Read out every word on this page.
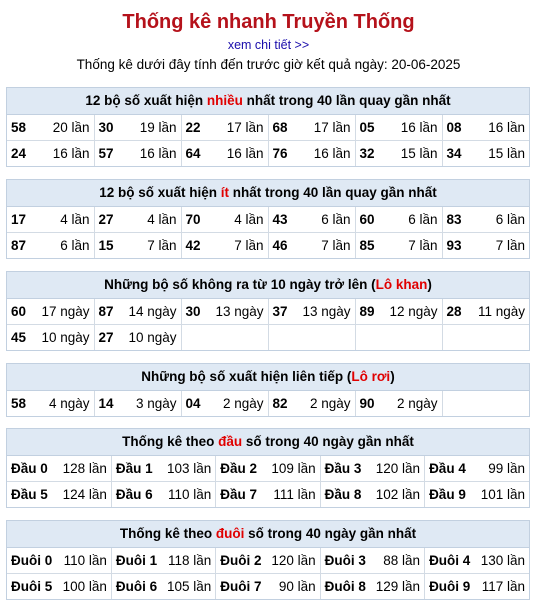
Thống kê nhanh Truyền Thống
xem chi tiết >>
Thống kê dưới đây tính đến trước giờ kết quả ngày: 20-06-2025
12 bộ số xuất hiện nhiều nhất trong 40 lần quay gần nhất
58 20 lần	30 19 lần	22 17 lần	68 17 lần	05 16 lần	08 16 lần

24 16 lần	57 16 lần	64 16 lần	76 16 lần	32 15 lần	34 15 lần
12 bộ số xuất hiện ít nhất trong 40 lần quay gần nhất
17 4 lần	27 4 lần	70 4 lần	43 6 lần	60 6 lần	83 6 lần

87 6 lần	15 7 lần	42 7 lần	46 7 lần	85 7 lần	93 7 lần
Những bộ số không ra từ 10 ngày trở lên (Lô khan)
60 17 ngày	87 14 ngày	30 13 ngày	37 13 ngày	89 12 ngày	28 11 ngày

45 10 ngày	27 10 ngày				

Những bộ số xuất hiện liên tiếp (Lô rơi)
58	4 ngày	14	3 ngày	04	2 ngày	82	2 ngày	90	2 ngày

Thống kê theo đầu số trong 40 ngày gần nhất
Đầu 0 128 lần	Đầu 1 103 lần	Đầu 2 109 lần	Đầu 3 120 lần	Đầu 4 99 lần

Đầu 5 124 lần	Đầu 6 110 lần	Đầu 7 111 lần	Đầu 8 102 lần	Đầu 9 101 lần
Thống kê theo đuôi số trong 40 ngày gần nhất
Đuôi 0 110 lần	Đuôi 1 118 lần	Đuôi 2 120 lần	Đuôi 3 88 lần	Đuôi 4 130 lần

Đuôi 5 100 lần	Đuôi 6 105 lần	Đuôi 7 90 lần	Đuôi 8 129 lần	Đuôi 9 117 lần
